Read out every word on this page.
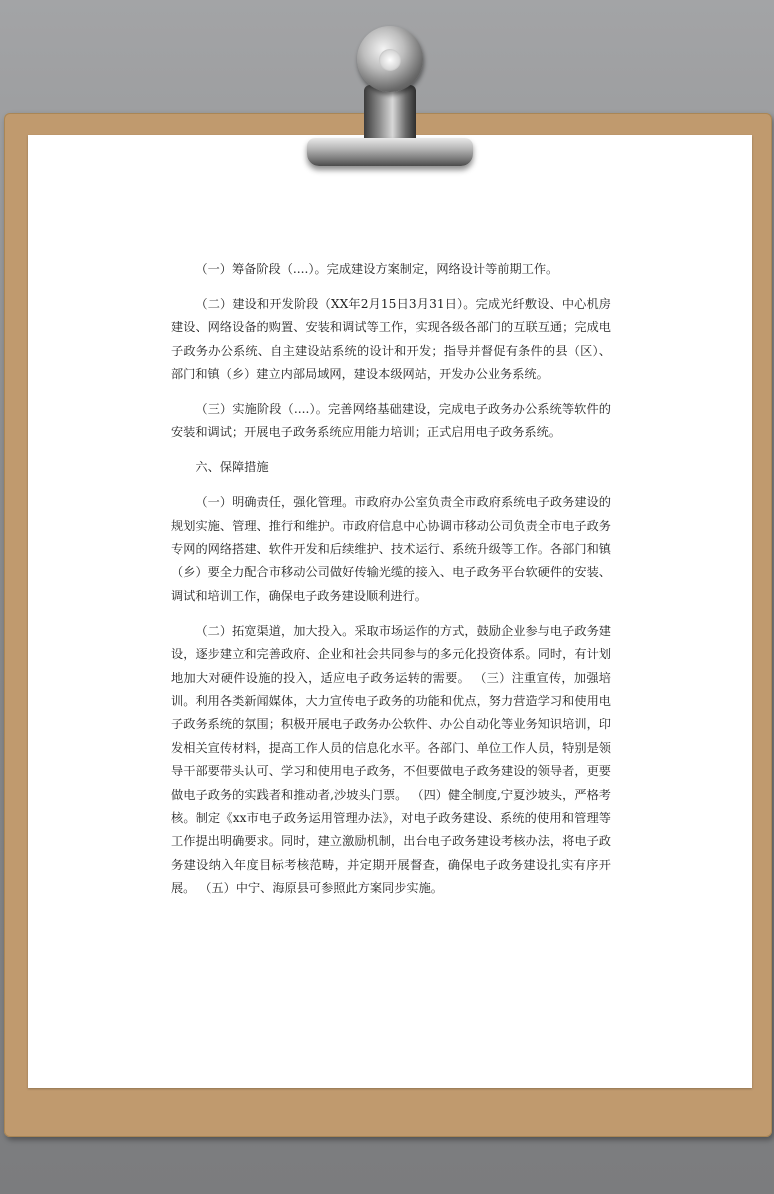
（一）筹备阶段（....）。完成建设方案制定，网络设计等前期工作。

（二）建设和开发阶段（XX年2月15日3月31日）。完成光纤敷设、中心机房建设、网络设备的购置、安装和调试等工作，实现各级各部门的互联互通；完成电子政务办公系统、自主建设站系统的设计和开发；指导并督促有条件的县（区）、部门和镇（乡）建立内部局域网，建设本级网站，开发办公业务系统。

（三）实施阶段（....）。完善网络基础建设，完成电子政务办公系统等软件的安装和调试；开展电子政务系统应用能力培训；正式启用电子政务系统。

六、保障措施

（一）明确责任，强化管理。市政府办公室负责全市政府系统电子政务建设的规划实施、管理、推行和维护。市政府信息中心协调市移动公司负责全市电子政务专网的网络搭建、软件开发和后续维护、技术运行、系统升级等工作。各部门和镇（乡）要全力配合市移动公司做好传输光缆的接入、电子政务平台软硬件的安装、调试和培训工作，确保电子政务建设顺利进行。

（二）拓宽渠道，加大投入。采取市场运作的方式，鼓励企业参与电子政务建设，逐步建立和完善政府、企业和社会共同参与的多元化投资体系。同时，有计划地加大对硬件设施的投入，适应电子政务运转的需要。 （三）注重宣传，加强培训。利用各类新闻媒体，大力宣传电子政务的功能和优点，努力营造学习和使用电子政务系统的氛围；积极开展电子政务办公软件、办公自动化等业务知识培训，印发相关宣传材料，提高工作人员的信息化水平。各部门、单位工作人员，特别是领导干部要带头认可、学习和使用电子政务，不但要做电子政务建设的领导者，更要做电子政务的实践者和推动者,沙坡头门票。 （四）健全制度,宁夏沙坡头，严格考核。制定《xx市电子政务运用管理办法》，对电子政务建设、系统的使用和管理等工作提出明确要求。同时，建立激励机制，出台电子政务建设考核办法，将电子政务建设纳入年度目标考核范畴，并定期开展督查，确保电子政务建设扎实有序开展。 （五）中宁、海原县可参照此方案同步实施。
